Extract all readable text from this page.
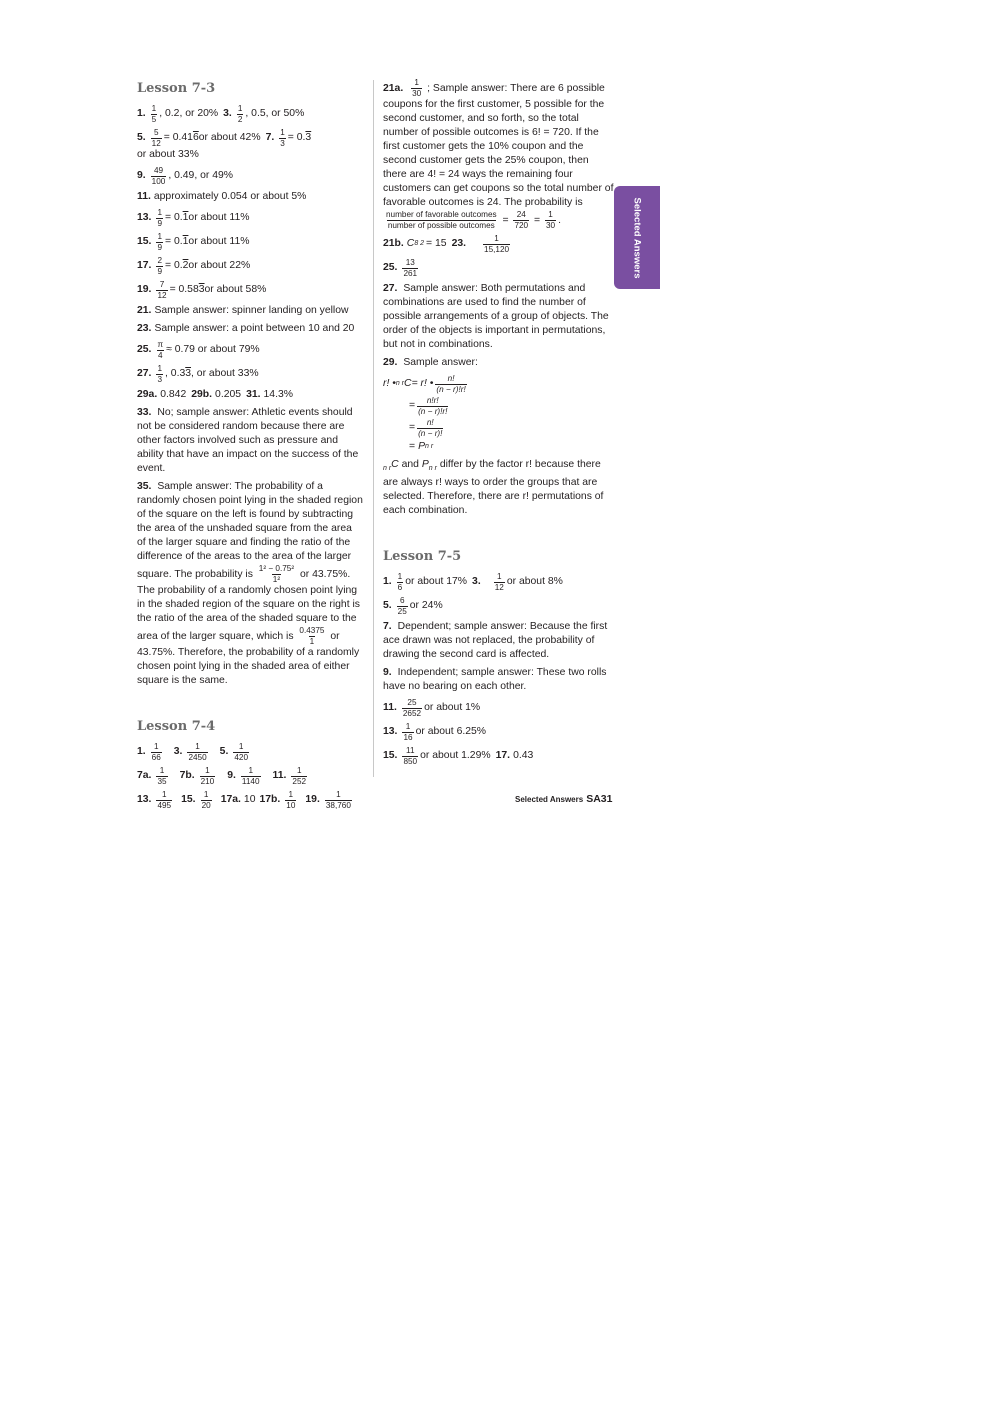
Selected Answers
Lesson 7-3
1. $\frac{1}{5}$ , 0.2, or 20% 3. $\frac{1}{2}$ , 0.5, or 50%
5. $\frac{5}{12} = 0.41$ 6 or about 42% 7. $\frac{1}{3} = 0$. 3
or about 33%
9. $\frac{49}{100}$ , 0.49, or 49%
11. approximately 0.054 or about 5%
13. $\frac{1}{9} = 0$. 1 or about 11%
15. $\frac{1}{9} = 0$. 1 or about 11%
17. $\frac{2}{9} = 0$. 2 or about 22%
19. $\frac{7}{12} = 0.58$ 3 or about 58%
21. Sample answer: spinner landing on yellow
23. Sample answer: a point between 10 and 20
25. $\frac{\pi}{4} \approx 0.79$ or about 79%
27. $\frac{1}{3}$ , 0.3 3 , or about 33%
29a. 0.842 29b. 0.205 31. 14.3%
33. No; sample answer: Athletic events should not be considered random because there are other factors involved such as pressure and ability that have an impact on the success of the event.
35. Sample answer: The probability of a randomly chosen point lying in the shaded region of the square on the left is found by subtracting the area of the unshaded square from the area of the larger square and finding the ratio of the difference of the areas to the area of the larger square. The probability is $\frac{\text{1² − 0.75²}}{\text{1²}}$ or 43.75%. The probability of a randomly chosen point lying in the shaded region of the square on the right is the ratio of the area of the shaded square to the area of the larger square, which is $\frac{0.4375}{1}$ or 43.75%. Therefore, the probability of a randomly chosen point lying in the shaded area of either square is the same.
Lesson 7-4
1. $\frac{1}{66} 3$. $\frac{1}{2450} 5$. $\frac{1}{420}$
7a. $\frac{1}{35} 7b$. $\frac{1}{210} 9$. $\frac{1}{1140} 11$. $\frac{1}{252}$
13. $\frac{1}{495} 15$. $\frac{1}{20} 17a$. 10 17b. $\frac{1}{10} 19$. $\frac{1}{38,760}$
21a. $\frac{1}{30}$ ; Sample answer: There are 6 possible coupons for the first customer, 5 possible for the second customer, and so forth, so the total number of possible outcomes is 6! = 720. If the first customer gets the 10% coupon and the second customer gets the 25% coupon, then there are 4! = 24 ways the remaining four customers can get coupons so the total number of favorable outcomes is 24. The probability is
$\frac{\text{number of favorable outcomes}}{\text{number of possible outcomes}} = \frac{24}{720} = \frac{1}{30}$ .
21b. C 8 2 = 15 23. $\frac{1}{15,120}$
25. $\frac{13}{261}$
27. Sample answer: Both permutations and combinations are used to find the number of possible arrangements of a group of objects. The order of the objects is important in permutations, but not in combinations.
29. Sample answer:
r! • n r C = r! • $\frac{n!}{(n - r)!r!}$
= $\frac{n!r!}{(n - r)!r!}$
= $\frac{n!}{(n - r)!}$
= P n r
$_{n r}$C and $P_{n r}$ differ by the factor r! because there are always r! ways to order the groups that are selected. Therefore, there are r! permutations of each combination.
Lesson 7-5
1. $\frac{1}{6}$ or about 17% 3. $\frac{1}{12}$ or about 8%
5. $\frac{6}{25}$ or 24%
7. Dependent; sample answer: Because the first ace drawn was not replaced, the probability of drawing the second card is affected.
9. Independent; sample answer: These two rolls have no bearing on each other.
11. $\frac{25}{2652}$ or about 1%
13. $\frac{1}{16}$ or about 6.25%
15. $\frac{11}{850}$ or about 1.29% 17. 0.43
Selected Answers SA31
